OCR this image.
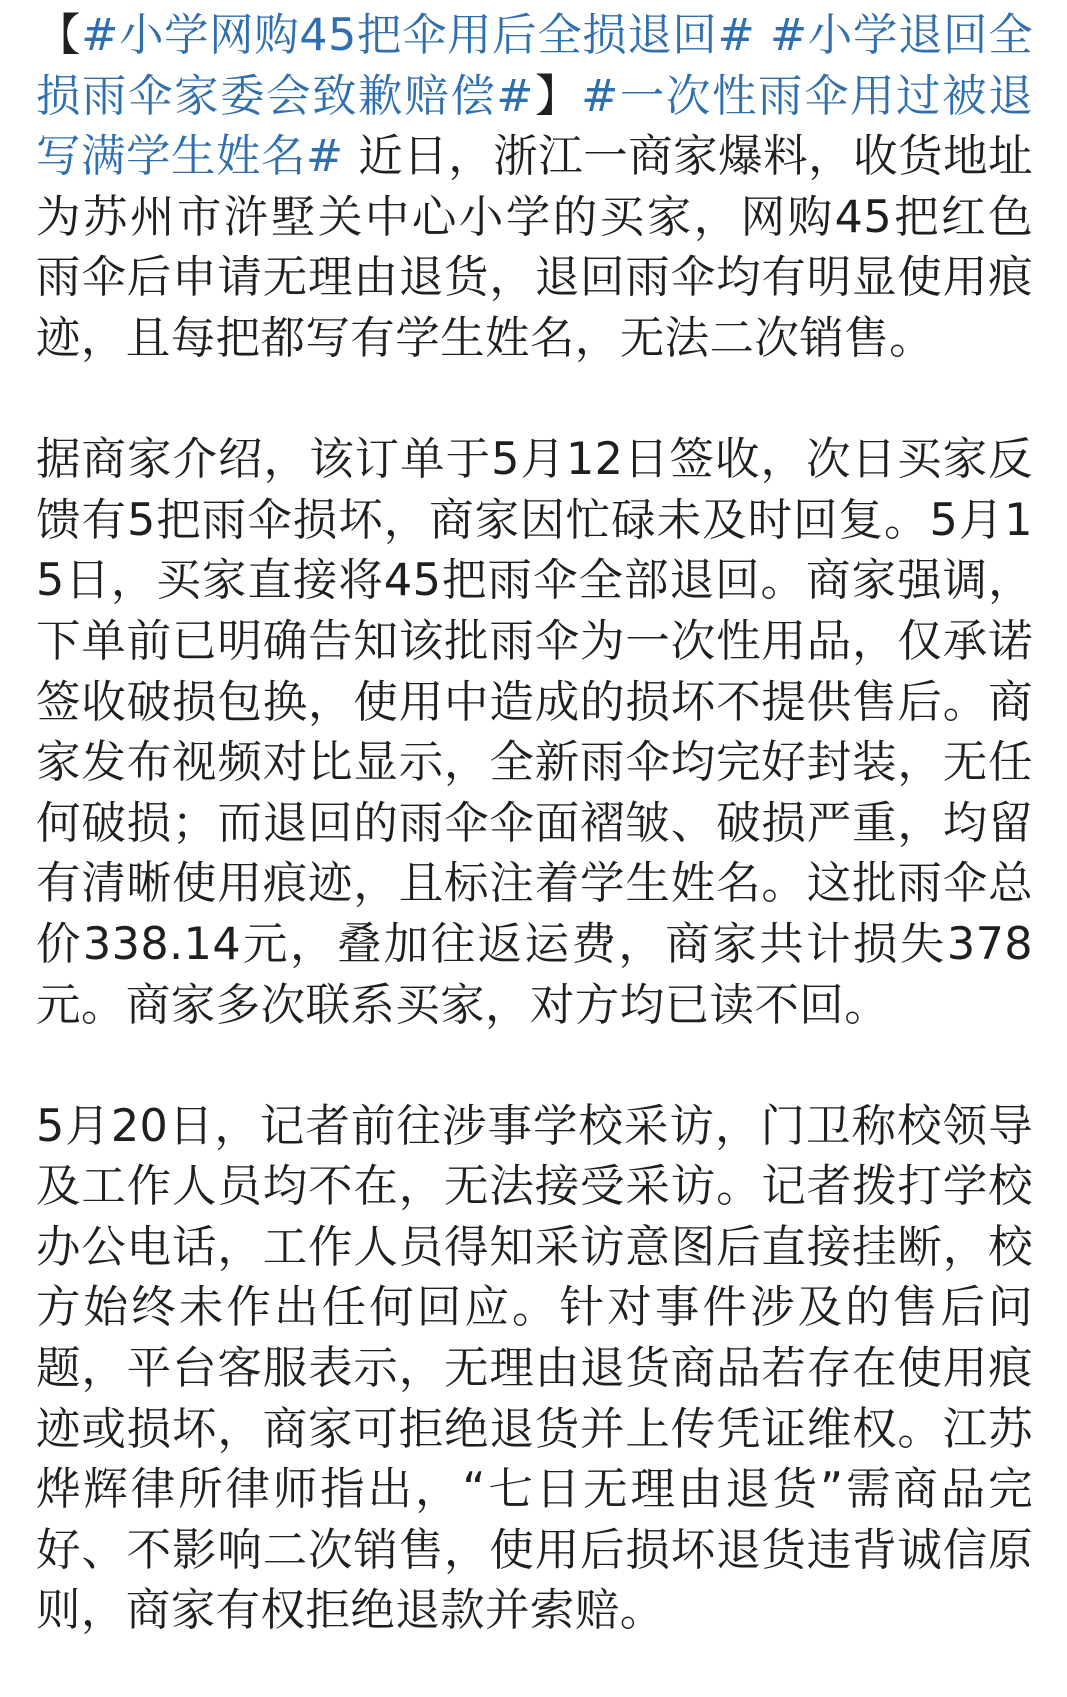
【#小学网购45把伞用后全损退回# #小学退回全损雨伞家委会致歉赔偿#】#一次性雨伞用过被退写满学生姓名# 近日，浙江一商家爆料，收货地址为苏州市浒墅关中心小学的买家，网购45把红色雨伞后申请无理由退货，退回雨伞均有明显使用痕迹，且每把都写有学生姓名，无法二次销售。

据商家介绍，该订单于5月12日签收，次日买家反馈有5把雨伞损坏，商家因忙碌未及时回复。5月15日，买家直接将45把雨伞全部退回。商家强调，下单前已明确告知该批雨伞为一次性用品，仅承诺签收破损包换，使用中造成的损坏不提供售后。商家发布视频对比显示，全新雨伞均完好封装，无任何破损；而退回的雨伞伞面褶皱、破损严重，均留有清晰使用痕迹，且标注着学生姓名。这批雨伞总价338.14元，叠加往返运费，商家共计损失378元。商家多次联系买家，对方均已读不回。

5月20日，记者前往涉事学校采访，门卫称校领导及工作人员均不在，无法接受采访。记者拨打学校办公电话，工作人员得知采访意图后直接挂断，校方始终未作出任何回应。针对事件涉及的售后问题，平台客服表示，无理由退货商品若存在使用痕迹或损坏，商家可拒绝退货并上传凭证维权。江苏烨辉律所律师指出，“七日无理由退货”需商品完好、不影响二次销售，使用后损坏退货违背诚信原则，商家有权拒绝退款并索赔。
